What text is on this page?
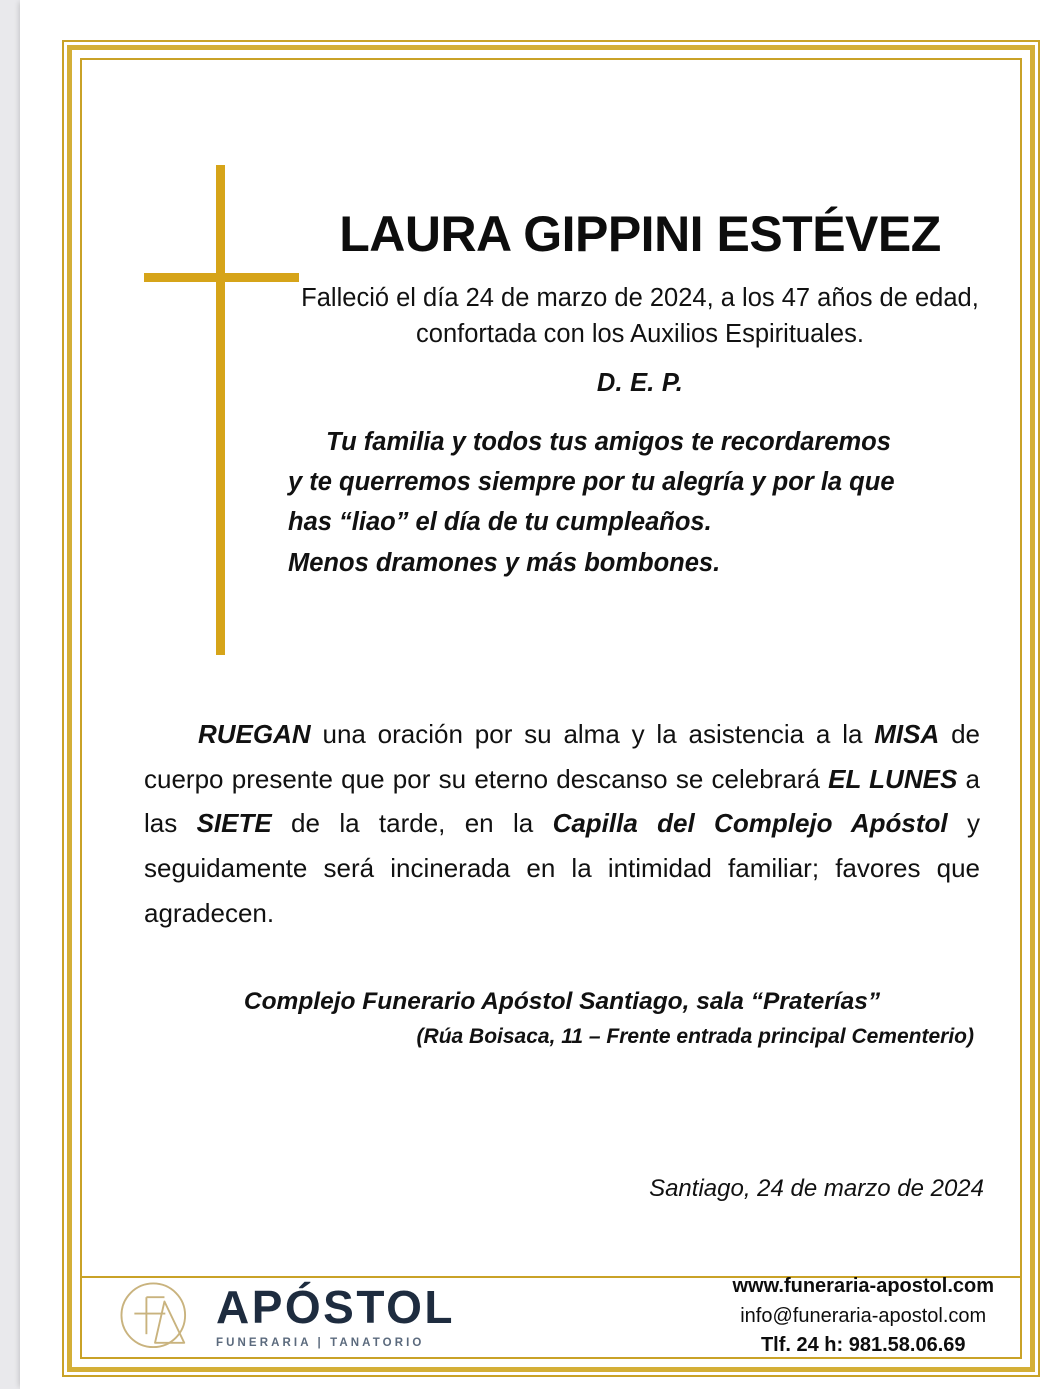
LAURA GIPPINI ESTÉVEZ
Falleció el día 24 de marzo de 2024, a los 47 años de edad, confortada con los Auxilios Espirituales.
D. E. P.
Tu familia y todos tus amigos te recordaremos
y te querremos siempre por tu alegría y por la que
has “liao” el día de tu cumpleaños.
Menos dramones y más bombones.

RUEGAN una oración por su alma y la asistencia a la MISA de cuerpo presente que por su eterno descanso se celebrará EL LUNES a las SIETE de la tarde, en la Capilla del Complejo Apóstol y seguidamente será incinerada en la intimidad familiar; favores que agradecen.

Complejo Funerario Apóstol Santiago, sala “Praterías”
(Rúa Boisaca, 11 – Frente entrada principal Cementerio)
Santiago, 24 de marzo de 2024
APÓSTOL
FUNERARIA | TANATORIO
www.funeraria-apostol.com
info@funeraria-apostol.com
Tlf. 24 h: 981.58.06.69
